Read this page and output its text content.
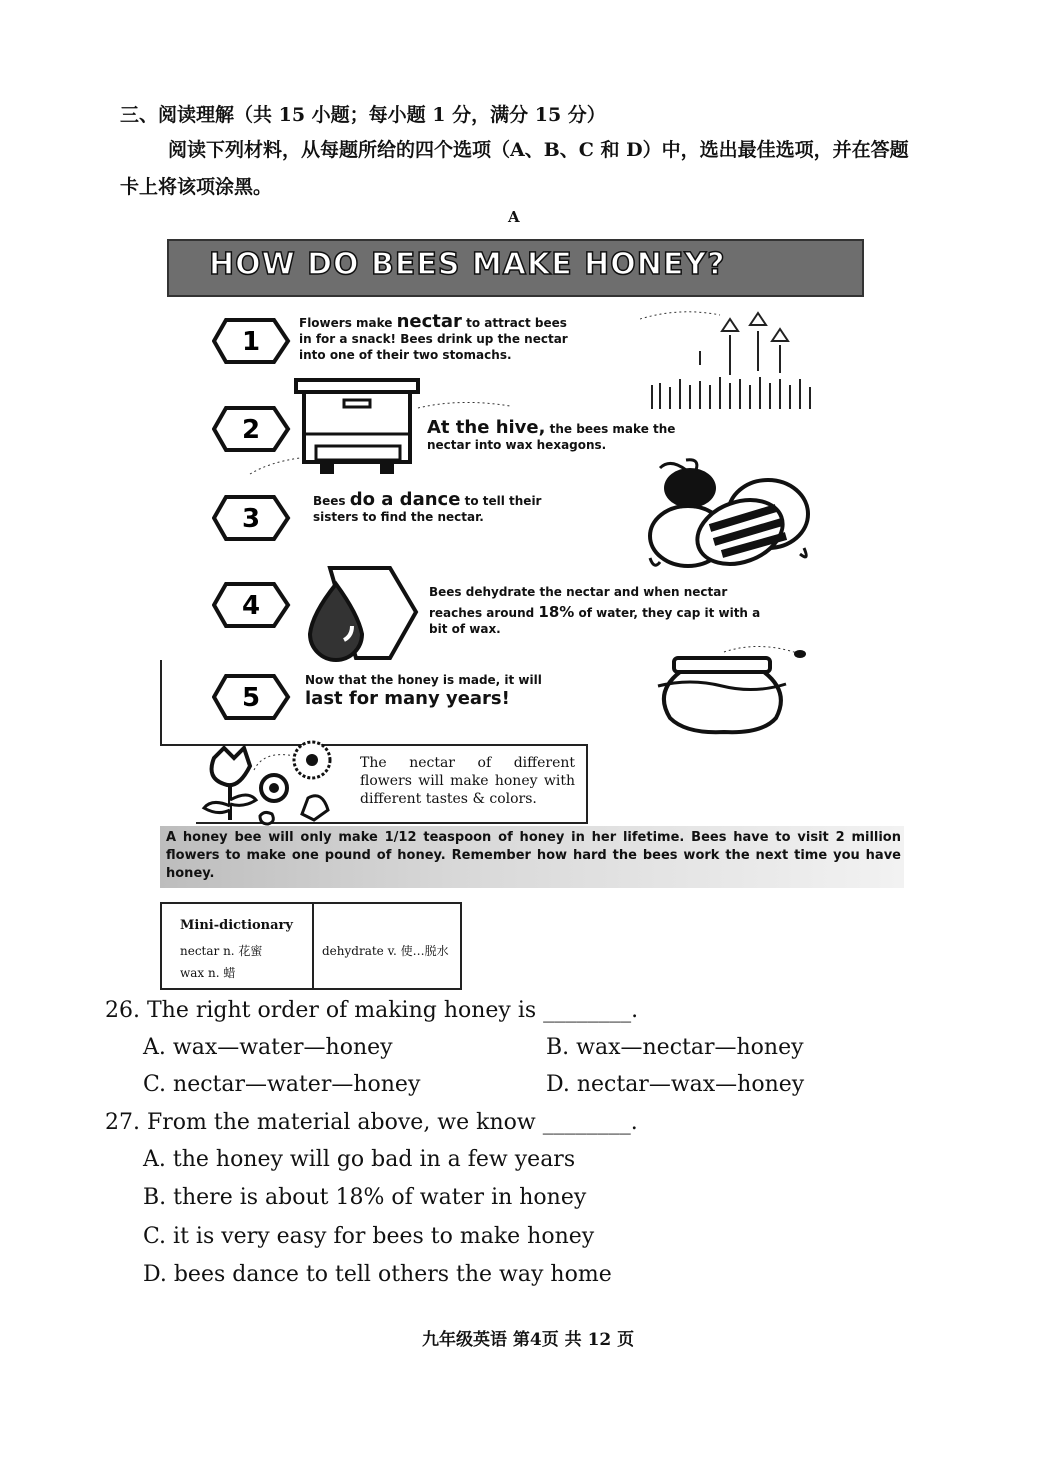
三、阅读理解（共 15 小题；每小题 1 分，满分 15 分）
阅读下列材料，从每题所给的四个选项（A、B、C 和 D）中，选出最佳选项，并在答题卡上将该项涂黑。
A
HOW DO BEES MAKE HONEY?
1
2
3
4
5
Flowers make nectar to attract bees
in for a snack! Bees drink up the nectar
into one of their two stomachs.
At the hive, the bees make the
nectar into wax hexagons.
Bees do a dance to tell their
sisters to find the nectar.
Bees dehydrate the nectar and when nectar
reaches around 18% of water, they cap it with a
bit of wax.
Now that the honey is made, it will
last for many years!
The nectar of different flowers will make honey with different tastes & colors.
A honey bee will only make 1/12 teaspoon of honey in her lifetime. Bees have to visit 2 million flowers to make one pound of honey. Remember how hard the bees work the next time you have honey.
Mini-dictionary
nectar n. 花蜜
wax n. 蜡
dehydrate v. 使…脱水
26. The right order of making honey is ________.
A. wax—water—honey	B. wax—nectar—honey
C. nectar—water—honey	D. nectar—wax—honey
27. From the material above, we know ________.
A. the honey will go bad in a few years
B. there is about 18% of water in honey
C. it is very easy for bees to make honey
D. bees dance to tell others the way home
九年级英语 第4页 共 12 页
